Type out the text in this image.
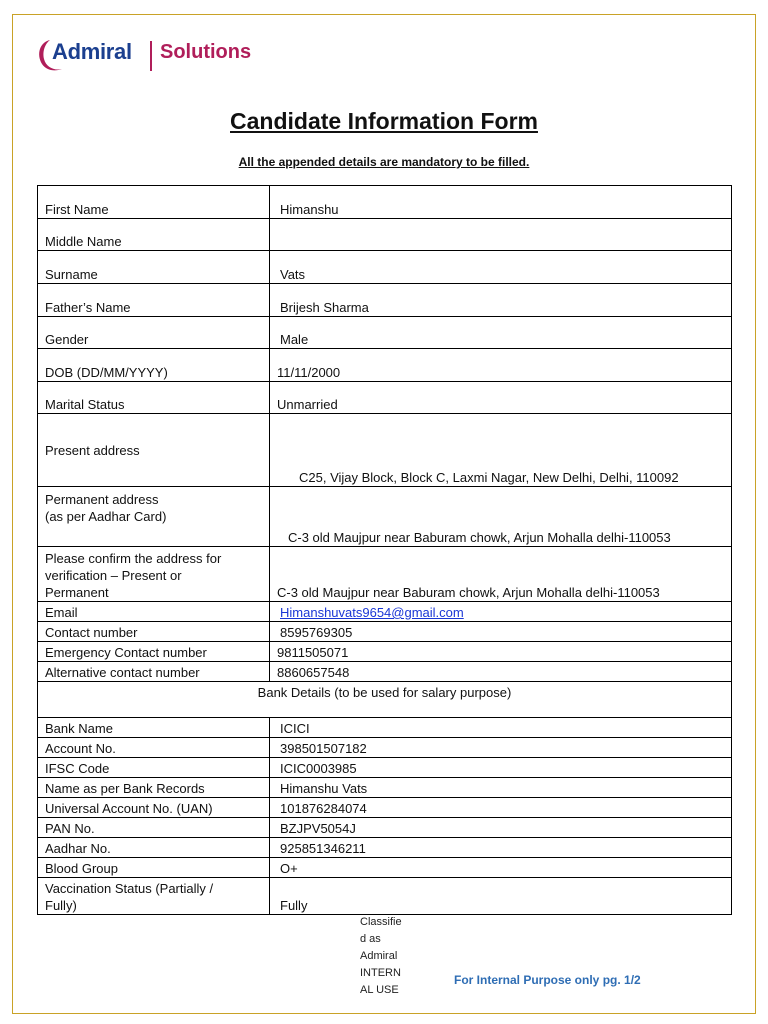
Admiral Solutions
Candidate Information Form
All the appended details are mandatory to be filled.
First Name	Himanshu
Middle Name	
Surname	Vats
Father’s Name	Brijesh Sharma
Gender	Male
DOB (DD/MM/YYYY)	11/11/2000
Marital Status	Unmarried
Present address	C25, Vijay Block, Block C, Laxmi Nagar, New Delhi, Delhi, 110092

Permanent address
(as per Aadhar Card)	C-3 old Maujpur near Baburam chowk, Arjun Mohalla delhi-110053

Please confirm the address for
verification – Present or
Permanent	C-3 old Maujpur near Baburam chowk, Arjun Mohalla delhi-110053
Email	Himanshuvats9654@gmail.com
Contact number	8595769305
Emergency Contact number	9811505071
Alternative contact number	8860657548
Bank Details (to be used for salary purpose)	
Bank Name	ICICI
Account No.	398501507182
IFSC Code	ICIC0003985
Name as per Bank Records	Himanshu Vats
Universal Account No. (UAN)	101876284074
PAN No.	BZJPV5054J
Aadhar No.	925851346211
Blood Group	O+

Vaccination Status (Partially /
Fully)	Fully
Classifie
d as
Admiral
INTERN
AL USE
For Internal Purpose only pg. 1/2
